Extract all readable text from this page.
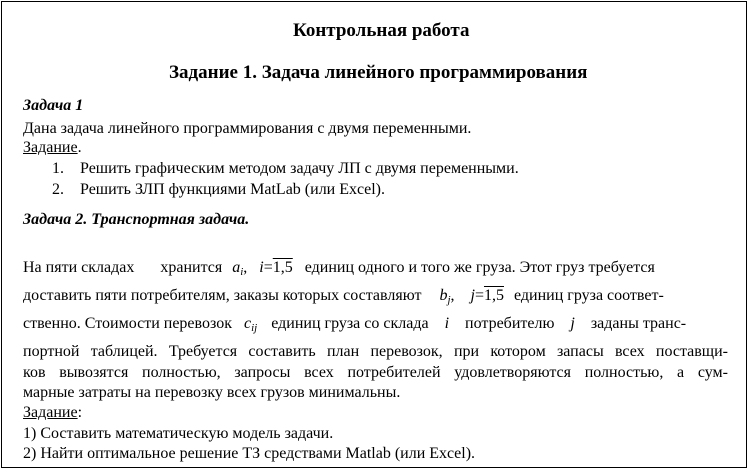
Контрольная работа
Задание 1. Задача линейного программирования
Задача 1
Дана задача линейного программирования с двумя переменными.
Задание.
1. Решить графическим методом задачу ЛП с двумя переменными.
2. Решить ЗЛП функциями MatLab (или Excel).
Задача 2. Транспортная задача.
На пяти складах хранится $a_i$, i=1,5 единиц одного и того же груза. Этот груз требуется
доставить пяти потребителям, заказы которых составляют $b_j$, j=1,5 единиц груза соответ-
ственно. Стоимости перевозок $c_{ij}$ единиц груза со склада i потребителю j заданы транс-
портной таблицей. Требуется составить план перевозок, при котором запасы всех поставщи-
ков вывозятся полностью, запросы всех потребителей удовлетворяются полностью, а сум-
марные затраты на перевозку всех грузов минимальны.
Задание:
1) Составить математическую модель задачи.
2) Найти оптимальное решение ТЗ средствами Matlab (или Excel).
